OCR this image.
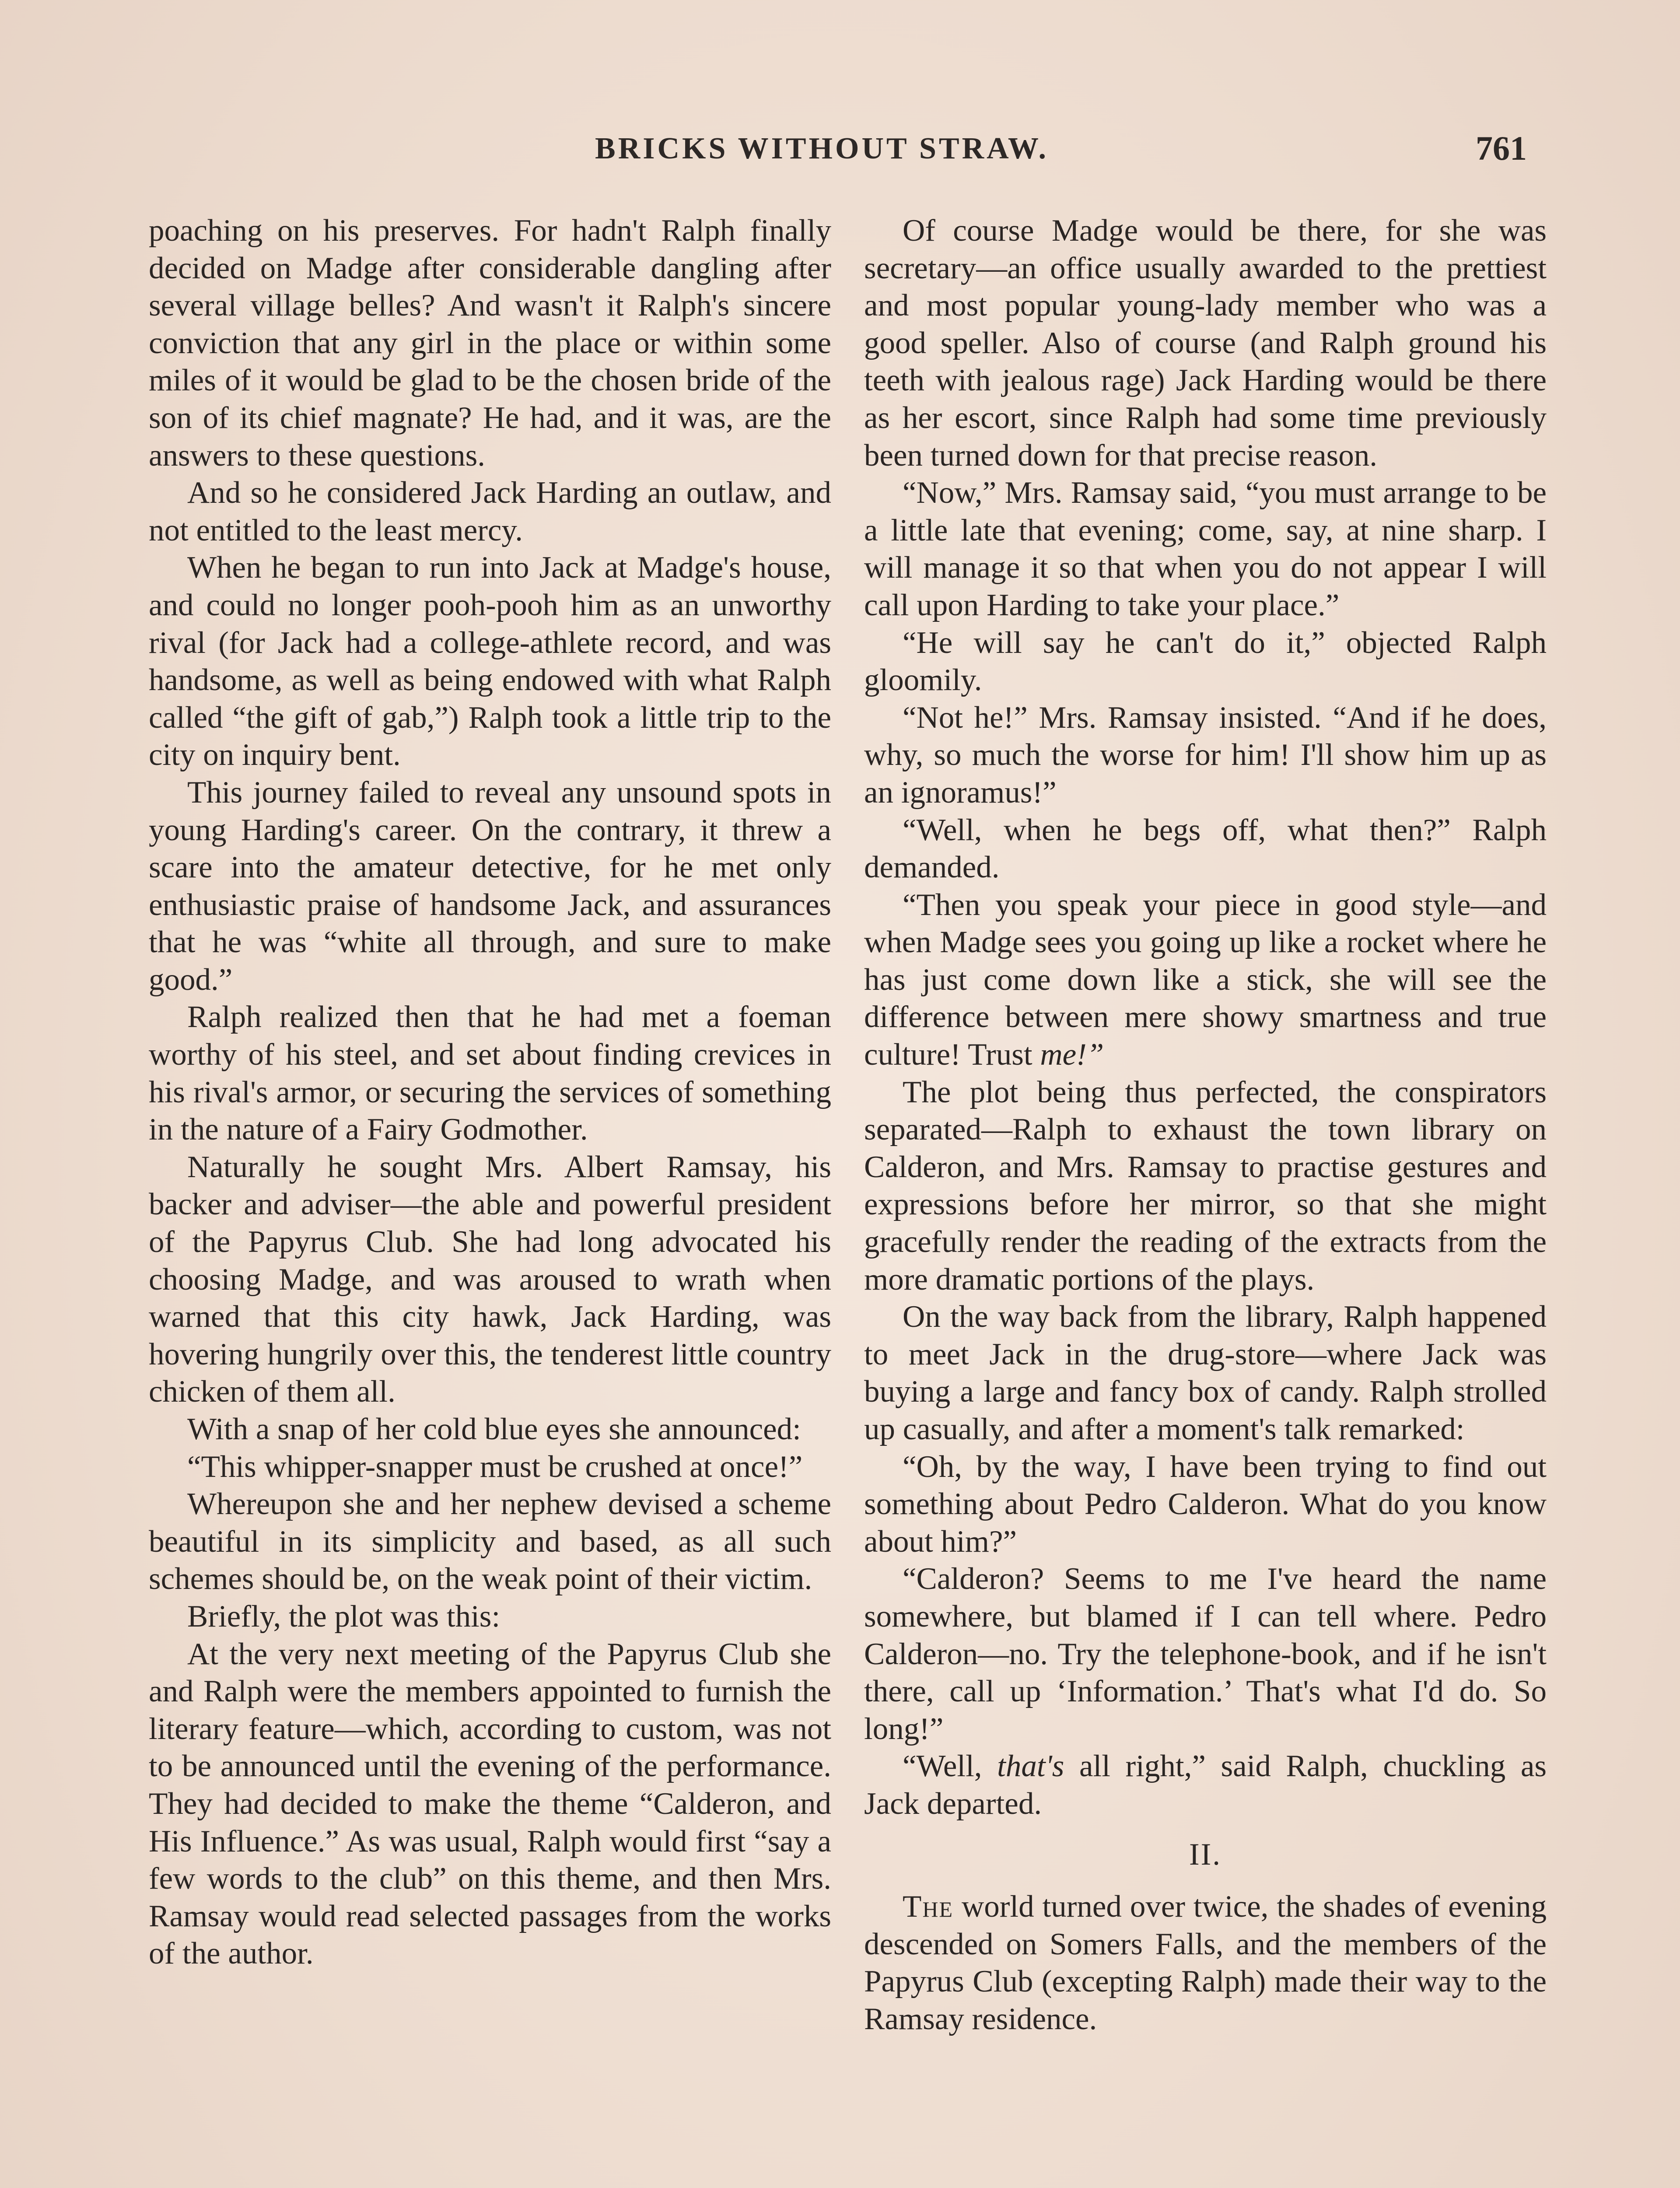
BRICKS WITHOUT STRAW.	761

poaching on his preserves. For hadn't Ralph finally decided on Madge after considerable dangling after several village belles? And wasn't it Ralph's sincere conviction that any girl in the place or within some miles of it would be glad to be the chosen bride of the son of its chief magnate? He had, and it was, are the answers to these questions.

And so he considered Jack Harding an outlaw, and not entitled to the least mercy.

When he began to run into Jack at Madge's house, and could no longer pooh-pooh him as an unworthy rival (for Jack had a college-athlete record, and was handsome, as well as being endowed with what Ralph called “the gift of gab,”) Ralph took a little trip to the city on inquiry bent.

This journey failed to reveal any unsound spots in young Harding's career. On the contrary, it threw a scare into the amateur detective, for he met only enthusiastic praise of handsome Jack, and assurances that he was “white all through, and sure to make good.”

Ralph realized then that he had met a foeman worthy of his steel, and set about finding crevices in his rival's armor, or securing the services of something in the nature of a Fairy Godmother.

Naturally he sought Mrs. Albert Ramsay, his backer and adviser—the able and powerful president of the Papyrus Club. She had long advocated his choosing Madge, and was aroused to wrath when warned that this city hawk, Jack Harding, was hovering hungrily over this, the tenderest little country chicken of them all.

With a snap of her cold blue eyes she announced:

“This whipper-snapper must be crushed at once!”

Whereupon she and her nephew devised a scheme beautiful in its simplicity and based, as all such schemes should be, on the weak point of their victim.

Briefly, the plot was this:

At the very next meeting of the Papyrus Club she and Ralph were the members appointed to furnish the literary feature—which, according to custom, was not to be announced until the evening of the performance. They had decided to make the theme “Calderon, and His Influence.” As was usual, Ralph would first “say a few words to the club” on this theme, and then Mrs. Ramsay would read selected passages from the works of the author.

Of course Madge would be there, for she was secretary—an office usually awarded to the prettiest and most popular young-lady member who was a good speller. Also of course (and Ralph ground his teeth with jealous rage) Jack Harding would be there as her escort, since Ralph had some time previously been turned down for that precise reason.

“Now,” Mrs. Ramsay said, “you must arrange to be a little late that evening; come, say, at nine sharp. I will manage it so that when you do not appear I will call upon Harding to take your place.”

“He will say he can't do it,” objected Ralph gloomily.

“Not he!” Mrs. Ramsay insisted. “And if he does, why, so much the worse for him! I'll show him up as an ignoramus!”

“Well, when he begs off, what then?” Ralph demanded.

“Then you speak your piece in good style—and when Madge sees you going up like a rocket where he has just come down like a stick, she will see the difference between mere showy smartness and true culture! Trust me!”

The plot being thus perfected, the conspirators separated—Ralph to exhaust the town library on Calderon, and Mrs. Ramsay to practise gestures and expressions before her mirror, so that she might gracefully render the reading of the extracts from the more dramatic portions of the plays.

On the way back from the library, Ralph happened to meet Jack in the drug-store—where Jack was buying a large and fancy box of candy. Ralph strolled up casually, and after a moment's talk remarked:

“Oh, by the way, I have been trying to find out something about Pedro Calderon. What do you know about him?”

“Calderon? Seems to me I've heard the name somewhere, but blamed if I can tell where. Pedro Calderon—no. Try the telephone-book, and if he isn't there, call up ‘Information.’ That's what I'd do. So long!”

“Well, that's all right,” said Ralph, chuckling as Jack departed.

II.

The world turned over twice, the shades of evening descended on Somers Falls, and the members of the Papyrus Club (excepting Ralph) made their way to the Ramsay residence.
